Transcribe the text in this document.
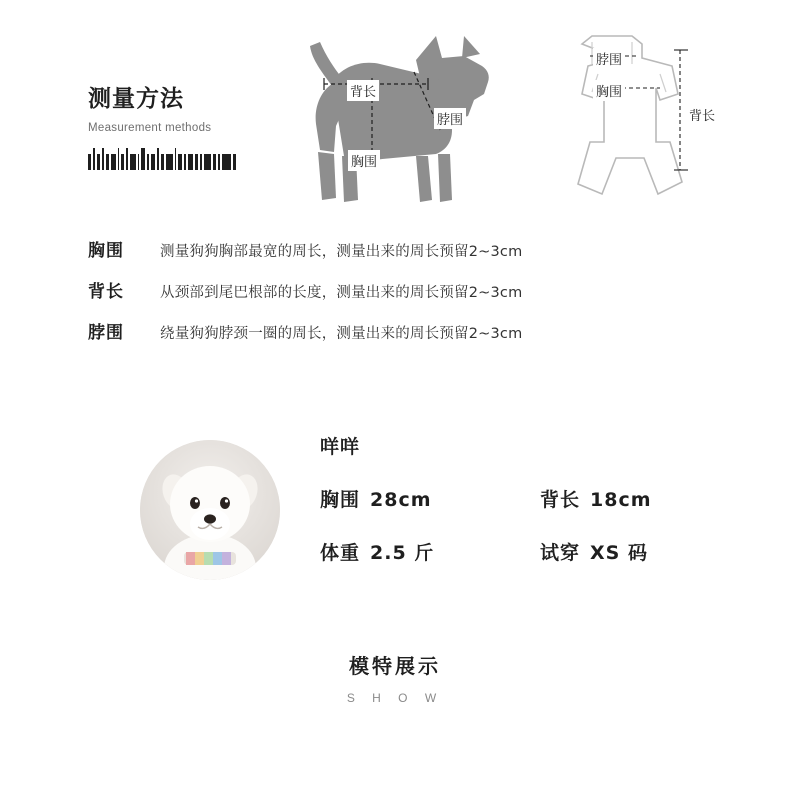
测量方法
Measurement methods
背长
脖围
胸围
脖围
胸围
背长
胸围	测量狗狗胸部最宽的周长，测量出来的周长预留2~3cm
背长	从颈部到尾巴根部的长度，测量出来的周长预留2~3cm
脖围	绕量狗狗脖颈一圈的周长，测量出来的周长预留2~3cm
咩咩
胸围 28cm	背长 18cm
体重 2.5 斤	试穿 XS 码
模特展示
S H O W
